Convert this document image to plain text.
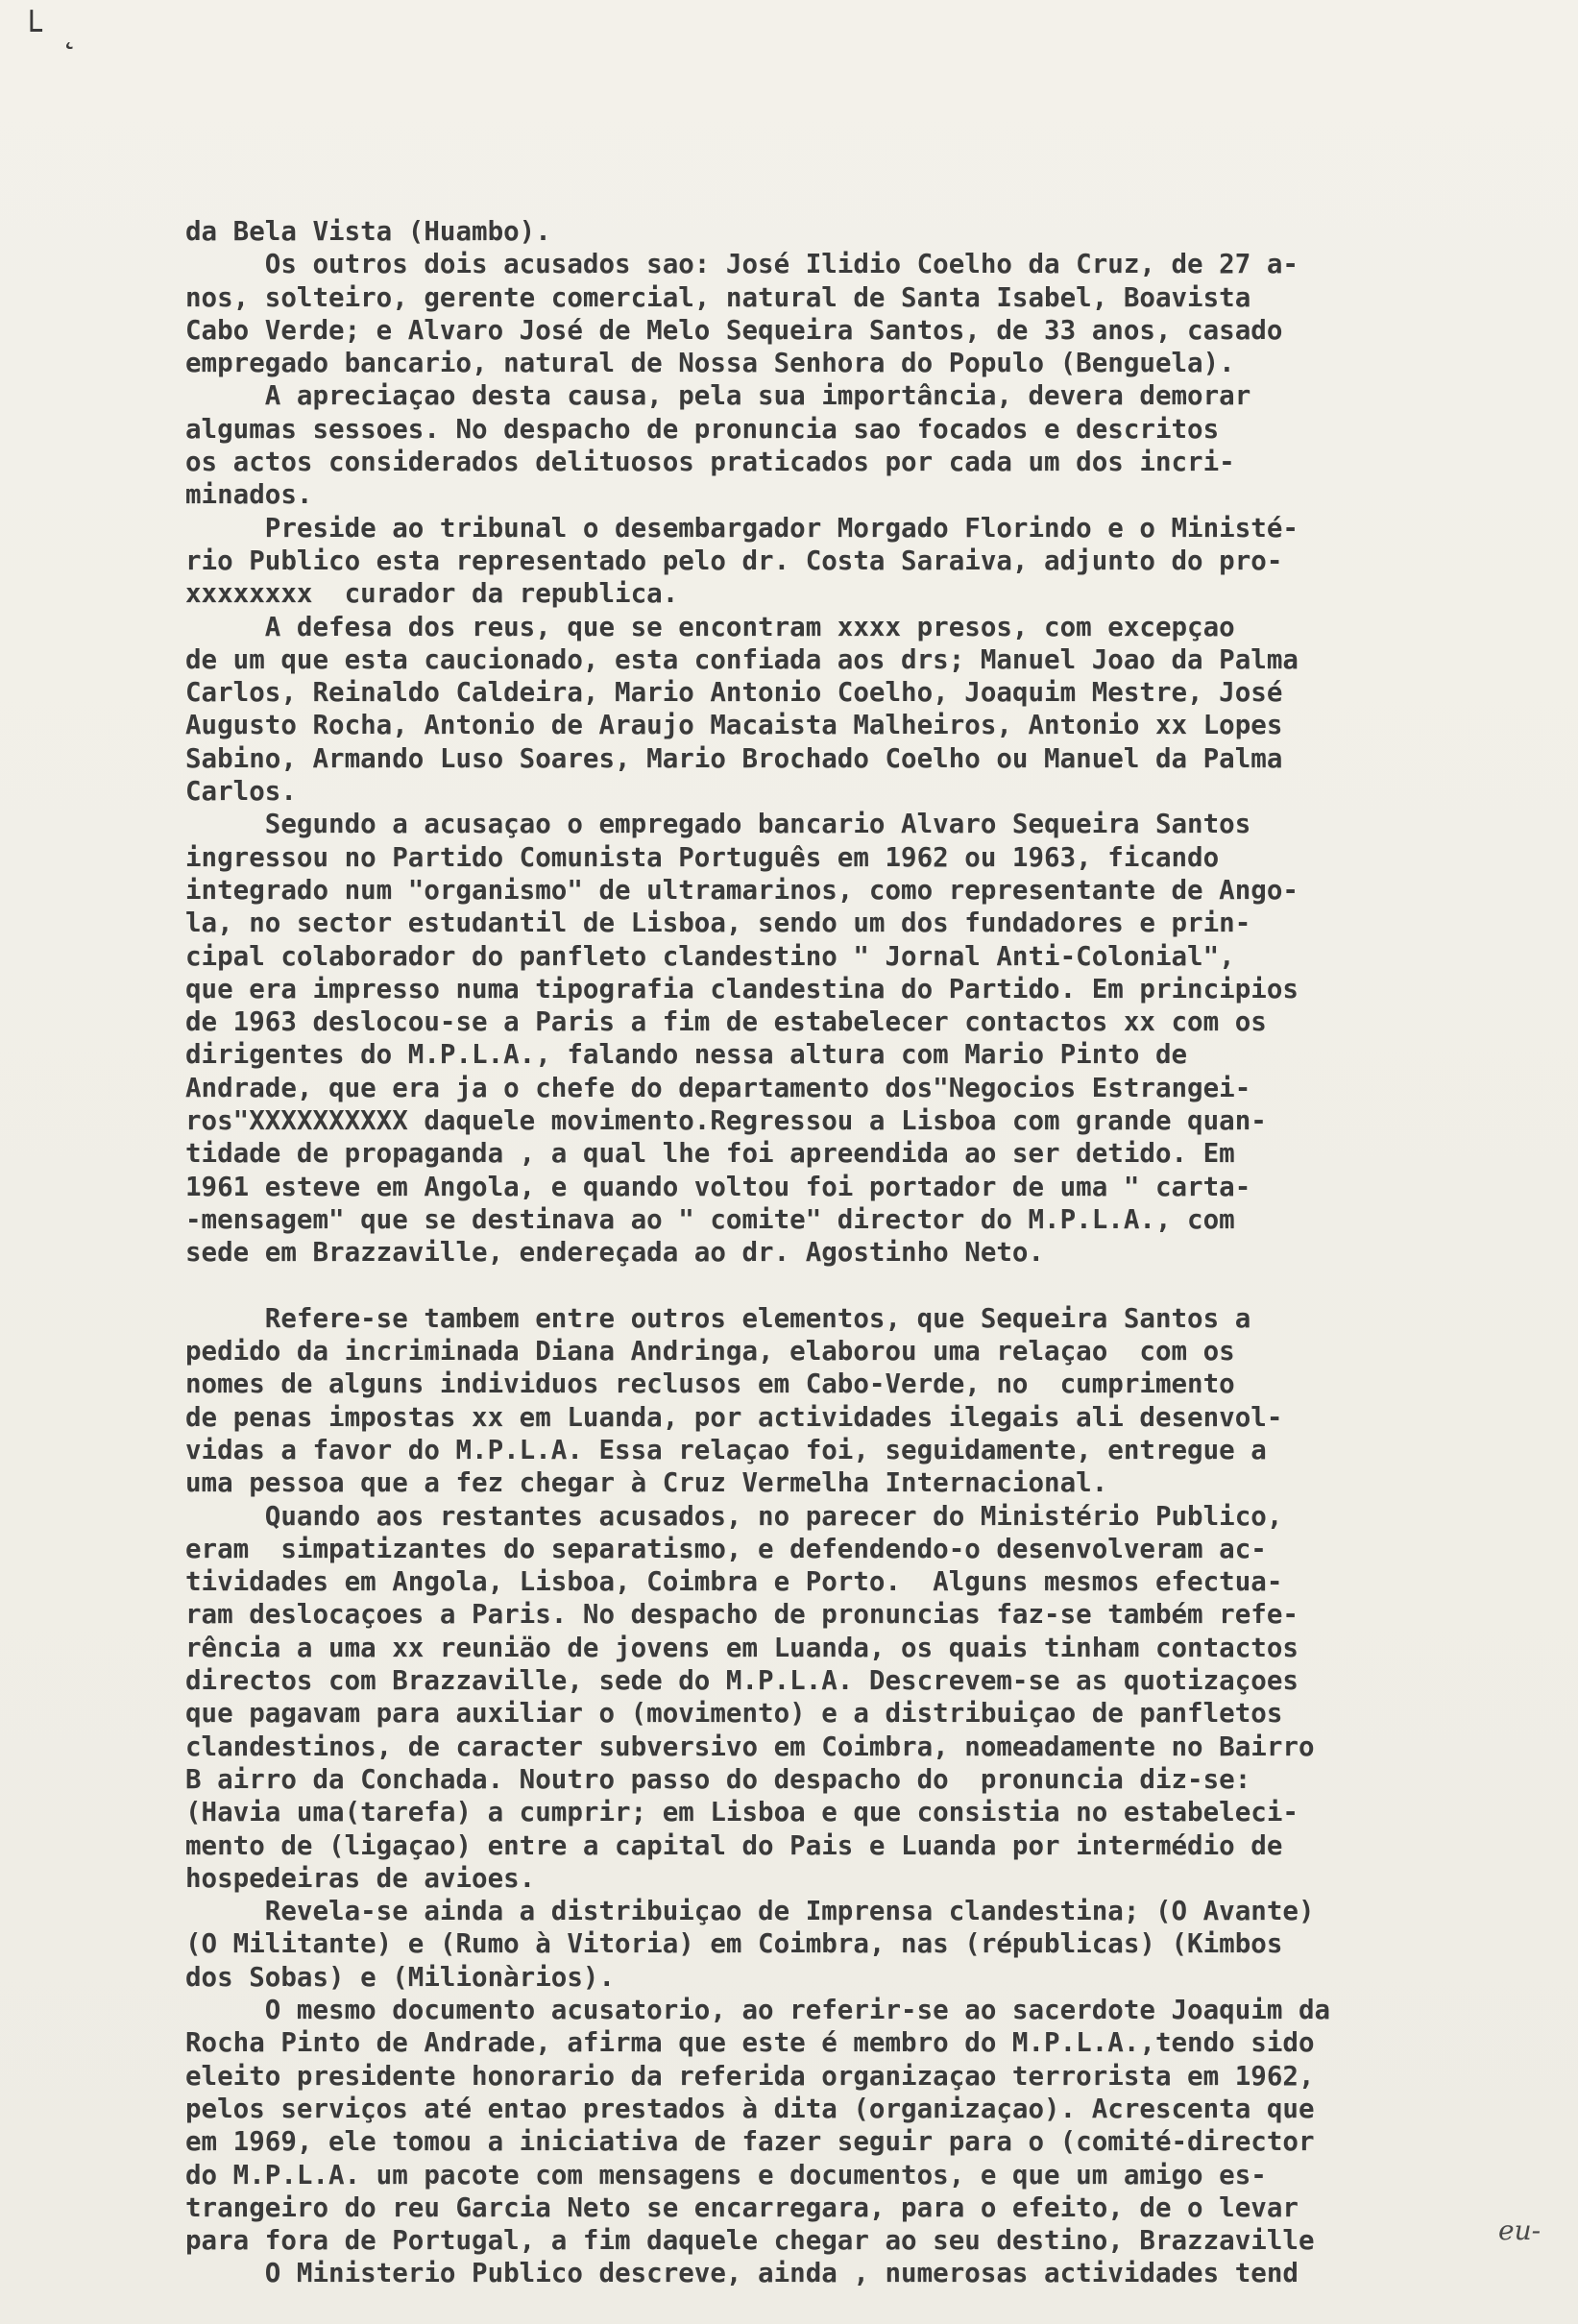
└ ˛
da Bela Vista (Huambo).
Os outros dois acusados sao: José Ilidio Coelho da Cruz, de 27 a-
nos, solteiro, gerente comercial, natural de Santa Isabel, Boavista
Cabo Verde; e Alvaro José de Melo Sequeira Santos, de 33 anos, casado
empregado bancario, natural de Nossa Senhora do Populo (Benguela).
A apreciaçao desta causa, pela sua importância, devera demorar
algumas sessoes. No despacho de pronuncia sao focados e descritos
os actos considerados delituosos praticados por cada um dos incri-
minados.
Preside ao tribunal o desembargador Morgado Florindo e o Ministé-
rio Publico esta representado pelo dr. Costa Saraiva, adjunto do pro-
xxxxxxxx  curador da republica.
A defesa dos reus, que se encontram xxxx presos, com excepçao
de um que esta caucionado, esta confiada aos drs; Manuel Joao da Palma
Carlos, Reinaldo Caldeira, Mario Antonio Coelho, Joaquim Mestre, José
Augusto Rocha, Antonio de Araujo Macaista Malheiros, Antonio xx Lopes
Sabino, Armando Luso Soares, Mario Brochado Coelho ou Manuel da Palma
Carlos.
Segundo a acusaçao o empregado bancario Alvaro Sequeira Santos
ingressou no Partido Comunista Português em 1962 ou 1963, ficando
integrado num "organismo" de ultramarinos, como representante de Ango-
la, no sector estudantil de Lisboa, sendo um dos fundadores e prin-
cipal colaborador do panfleto clandestino " Jornal Anti-Colonial",
que era impresso numa tipografia clandestina do Partido. Em principios
de 1963 deslocou-se a Paris a fim de estabelecer contactos xx com os
dirigentes do M.P.L.A., falando nessa altura com Mario Pinto de
Andrade, que era ja o chefe do departamento dos"Negocios Estrangei-
ros"XXXXXXXXXX daquele movimento.Regressou a Lisboa com grande quan-
tidade de propaganda , a qual lhe foi apreendida ao ser detido. Em
1961 esteve em Angola, e quando voltou foi portador de uma " carta-
-mensagem" que se destinava ao " comite" director do M.P.L.A., com
sede em Brazzaville, endereçada ao dr. Agostinho Neto.
Refere-se tambem entre outros elementos, que Sequeira Santos a
pedido da incriminada Diana Andringa, elaborou uma relaçao  com os
nomes de alguns individuos reclusos em Cabo-Verde, no  cumprimento
de penas impostas xx em Luanda, por actividades ilegais ali desenvol-
vidas a favor do M.P.L.A. Essa relaçao foi, seguidamente, entregue a
uma pessoa que a fez chegar à Cruz Vermelha Internacional.
Quando aos restantes acusados, no parecer do Ministério Publico,
eram  simpatizantes do separatismo, e defendendo-o desenvolveram ac-
tividades em Angola, Lisboa, Coimbra e Porto.  Alguns mesmos efectua-
ram deslocaçoes a Paris. No despacho de pronuncias faz-se também refe-
rência a uma xx reuniäo de jovens em Luanda, os quais tinham contactos
directos com Brazzaville, sede do M.P.L.A. Descrevem-se as quotizaçoes
que pagavam para auxiliar o (movimento) e a distribuiçao de panfletos
clandestinos, de caracter subversivo em Coimbra, nomeadamente no Bairro
B airro da Conchada. Noutro passo do despacho do  pronuncia diz-se:
(Havia uma(tarefa) a cumprir; em Lisboa e que consistia no estabeleci-
mento de (ligaçao) entre a capital do Pais e Luanda por intermédio de
hospedeiras de avioes.
Revela-se ainda a distribuiçao de Imprensa clandestina; (O Avante)
(O Militante) e (Rumo à Vitoria) em Coimbra, nas (républicas) (Kimbos
dos Sobas) e (Milionàrios).
O mesmo documento acusatorio, ao referir-se ao sacerdote Joaquim da
Rocha Pinto de Andrade, afirma que este é membro do M.P.L.A.,tendo sido
eleito presidente honorario da referida organizaçao terrorista em 1962,
pelos serviços até entao prestados à dita (organizaçao). Acrescenta que
em 1969, ele tomou a iniciativa de fazer seguir para o (comité-director
do M.P.L.A. um pacote com mensagens e documentos, e que um amigo es-
trangeiro do reu Garcia Neto se encarregara, para o efeito, de o levar
para fora de Portugal, a fim daquele chegar ao seu destino, Brazzaville
O Ministerio Publico descreve, ainda , numerosas actividades tend
eu-
